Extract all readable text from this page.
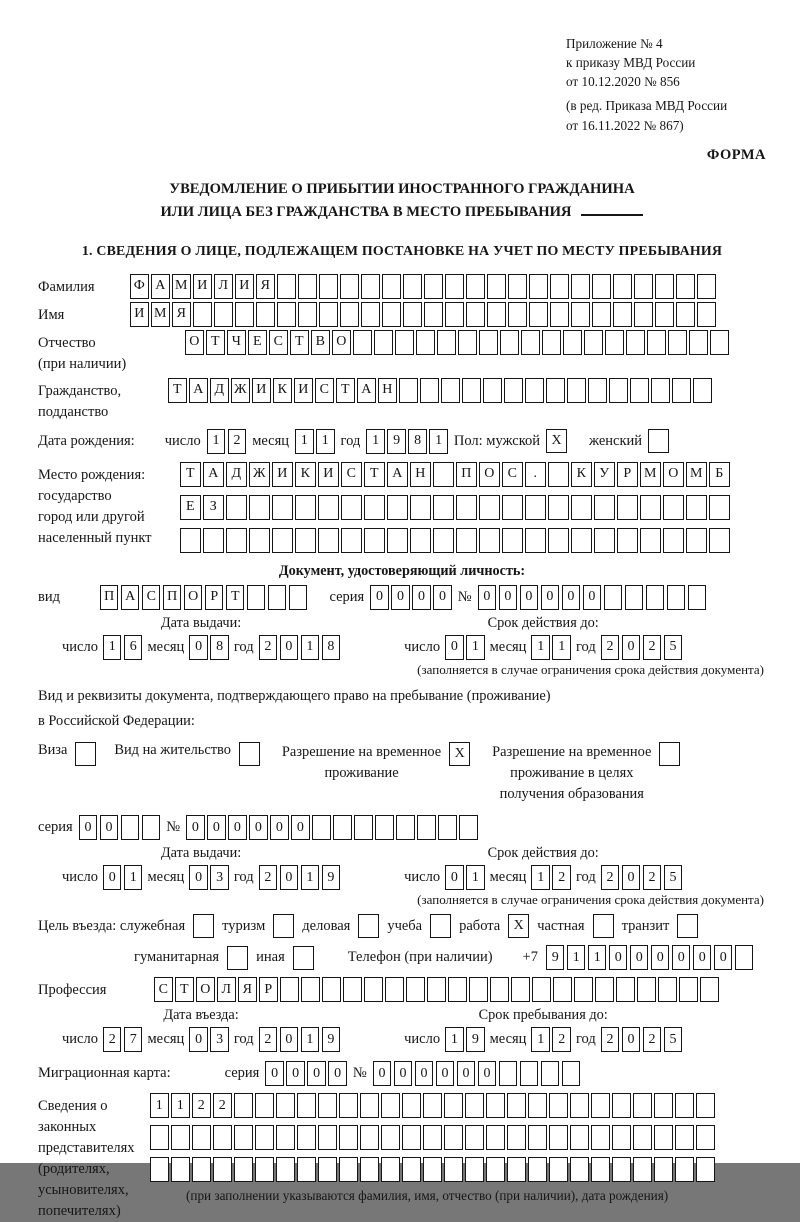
Приложение № 4
к приказу МВД России
от 10.12.2020 № 856
(в ред. Приказа МВД России
от 16.11.2022 № 867)
ФОРМА
УВЕДОМЛЕНИЕ О ПРИБЫТИИ ИНОСТРАННОГО ГРАЖДАНИНА
ИЛИ ЛИЦА БЕЗ ГРАЖДАНСТВА В МЕСТО ПРЕБЫВАНИЯ
1. СВЕДЕНИЯ О ЛИЦЕ, ПОДЛЕЖАЩЕМ ПОСТАНОВКЕ НА УЧЕТ ПО МЕСТУ ПРЕБЫВАНИЯ
Фамилия	Ф А М И Л И Я
Имя	И М Я
Отчество
(при наличии)
О Т Ч Е С Т В О
Гражданство,
подданство
Т А Д Ж И К И С Т А Н
Дата рождения: число 1	2 месяц 1	1 год 1	9	8	1 Пол: мужской X	женский
Место рождения:
государство
город или другой
населенный пункт
Т А Д Ж И К И С	Т А Н	П О С	.	К У	Р М О М Б
Е	З
Документ, удостоверяющий личность:
вид	П А С П О Р Т	серия 0	0	0	0 № 0	0	0	0	0	0
Дата выдачи:
число 1	6 месяц 0	8 год 2	0	1	8
Срок действия до:
число 0	1 месяц 1	1 год 2	0	2	5
(заполняется в случае ограничения срока действия документа)
Вид и реквизиты документа, подтверждающего право на пребывание (проживание)
в Российской Федерации:
Виза	Вид на жительство	Разрешение на временное
проживание
X	Разрешение на временное
проживание в целях
получения образования
серия 0	0	№ 0	0	0	0	0	0
Дата выдачи:
число 0	1 месяц 0	3 год 2	0	1	9
Срок действия до:
число 0	1 месяц 1	2 год 2	0	2	5
(заполняется в случае ограничения срока действия документа)
Цель въезда: служебная	туризм	деловая	учеба	работа X частная	транзит
гуманитарная	иная	Телефон (при наличии) +7 9	1	1	0	0	0	0	0	0
Профессия	С Т О Л Я Р
Дата въезда:
число 2	7 месяц 0	3 год 2	0	1	9
Срок пребывания до:
число 1	9 месяц 1	2 год 2	0	2	5
Миграционная карта:	серия 0	0	0	0 № 0	0	0	0	0	0
Сведения о
законных
представителях
(родителях,
усыновителях,
попечителях)
1	1	2	2
(при заполнении указываются фамилия, имя, отчество (при наличии), дата рождения)
